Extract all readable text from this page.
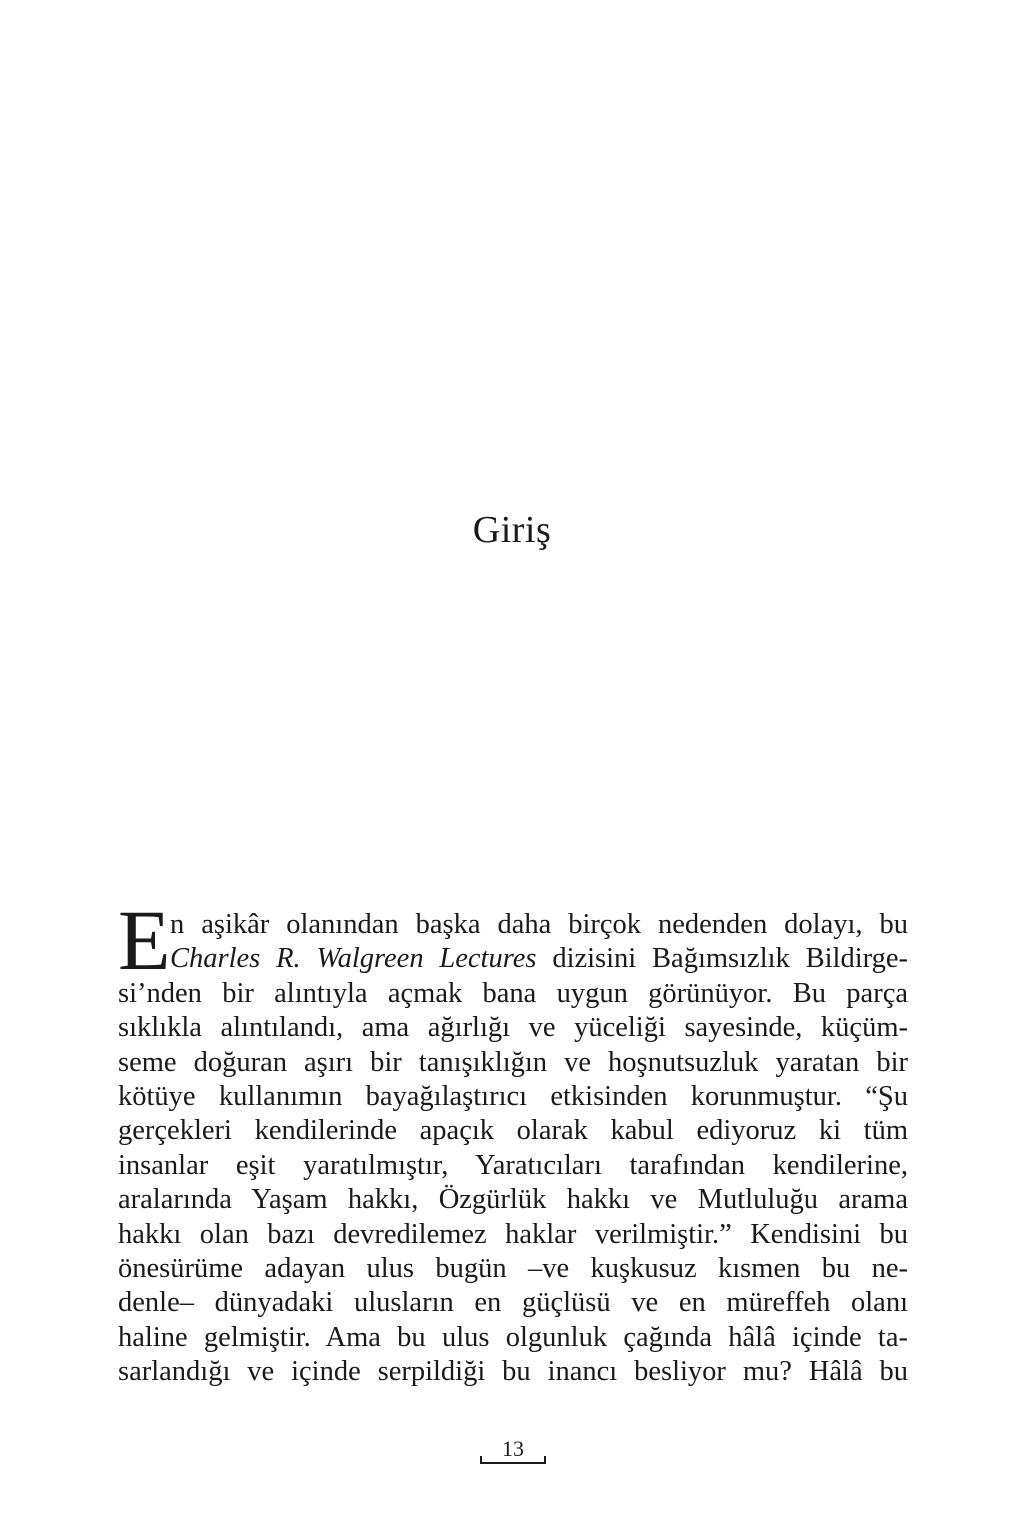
Giriş
E n aşikâr olanından başka daha birçok nedenden dolayı, bu
Charles R. Walgreen Lectures dizisini Bağımsızlık Bildirge-
si’nden bir alıntıyla açmak bana uygun görünüyor. Bu parça
sıklıkla alıntılandı, ama ağırlığı ve yüceliği sayesinde, küçüm-
seme doğuran aşırı bir tanışıklığın ve hoşnutsuzluk yaratan bir
kötüye kullanımın bayağılaştırıcı etkisinden korunmuştur. “Şu
gerçekleri kendilerinde apaçık olarak kabul ediyoruz ki tüm
insanlar eşit yaratılmıştır, Yaratıcıları tarafından kendilerine,
aralarında Yaşam hakkı, Özgürlük hakkı ve Mutluluğu arama
hakkı olan bazı devredilemez haklar verilmiştir.” Kendisini bu
önesürüme adayan ulus bugün –ve kuşkusuz kısmen bu ne-
denle– dünyadaki ulusların en güçlüsü ve en müreffeh olanı
haline gelmiştir. Ama bu ulus olgunluk çağında hâlâ içinde ta-
sarlandığı ve içinde serpildiği bu inancı besliyor mu? Hâlâ bu
13
